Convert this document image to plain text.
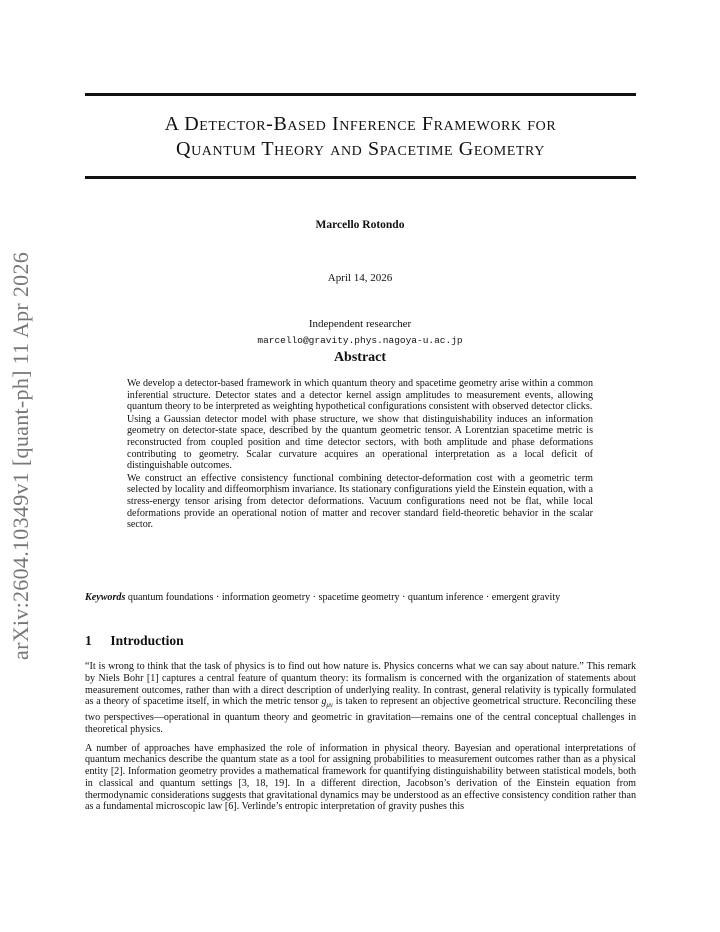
arXiv:2604.10349v1 [quant-ph] 11 Apr 2026
A Detector-Based Inference Framework for
Quantum Theory and Spacetime Geometry
Marcello Rotondo
April 14, 2026
Independent researcher
marcello@gravity.phys.nagoya-u.ac.jp
Abstract

We develop a detector-based framework in which quantum theory and spacetime geometry arise within a common inferential structure. Detector states and a detector kernel assign amplitudes to measurement events, allowing quantum theory to be interpreted as weighting hypothetical configurations consistent with observed detector clicks.

Using a Gaussian detector model with phase structure, we show that distinguishability induces an information geometry on detector-state space, described by the quantum geometric tensor. A Lorentzian spacetime metric is reconstructed from coupled position and time detector sectors, with both amplitude and phase deformations contributing to geometry. Scalar curvature acquires an operational interpretation as a local deficit of distinguishable outcomes.

We construct an effective consistency functional combining detector-deformation cost with a geometric term selected by locality and diffeomorphism invariance. Its stationary configurations yield the Einstein equation, with a stress-energy tensor arising from detector deformations. Vacuum configurations need not be flat, while local deformations provide an operational notion of matter and recover standard field-theoretic behavior in the scalar sector.

Keywords quantum foundations · information geometry · spacetime geometry · quantum inference · emergent gravity
1 Introduction

“It is wrong to think that the task of physics is to find out how nature is. Physics concerns what we can say about nature.” This remark by Niels Bohr [1] captures a central feature of quantum theory: its formalism is concerned with the organization of statements about measurement outcomes, rather than with a direct description of underlying reality. In contrast, general relativity is typically formulated as a theory of spacetime itself, in which the metric tensor $g_{\mu\nu}$ is taken to represent an objective geometrical structure. Reconciling these two perspectives—operational in quantum theory and geometric in gravitation—remains one of the central conceptual challenges in theoretical physics.

A number of approaches have emphasized the role of information in physical theory. Bayesian and operational interpretations of quantum mechanics describe the quantum state as a tool for assigning probabilities to measurement outcomes rather than as a physical entity [2]. Information geometry provides a mathematical framework for quantifying distinguishability between statistical models, both in classical and quantum settings [3, 18, 19]. In a different direction, Jacobson’s derivation of the Einstein equation from thermodynamic considerations suggests that gravitational dynamics may be understood as an effective consistency condition rather than as a fundamental microscopic law [6]. Verlinde’s entropic interpretation of gravity pushes this
